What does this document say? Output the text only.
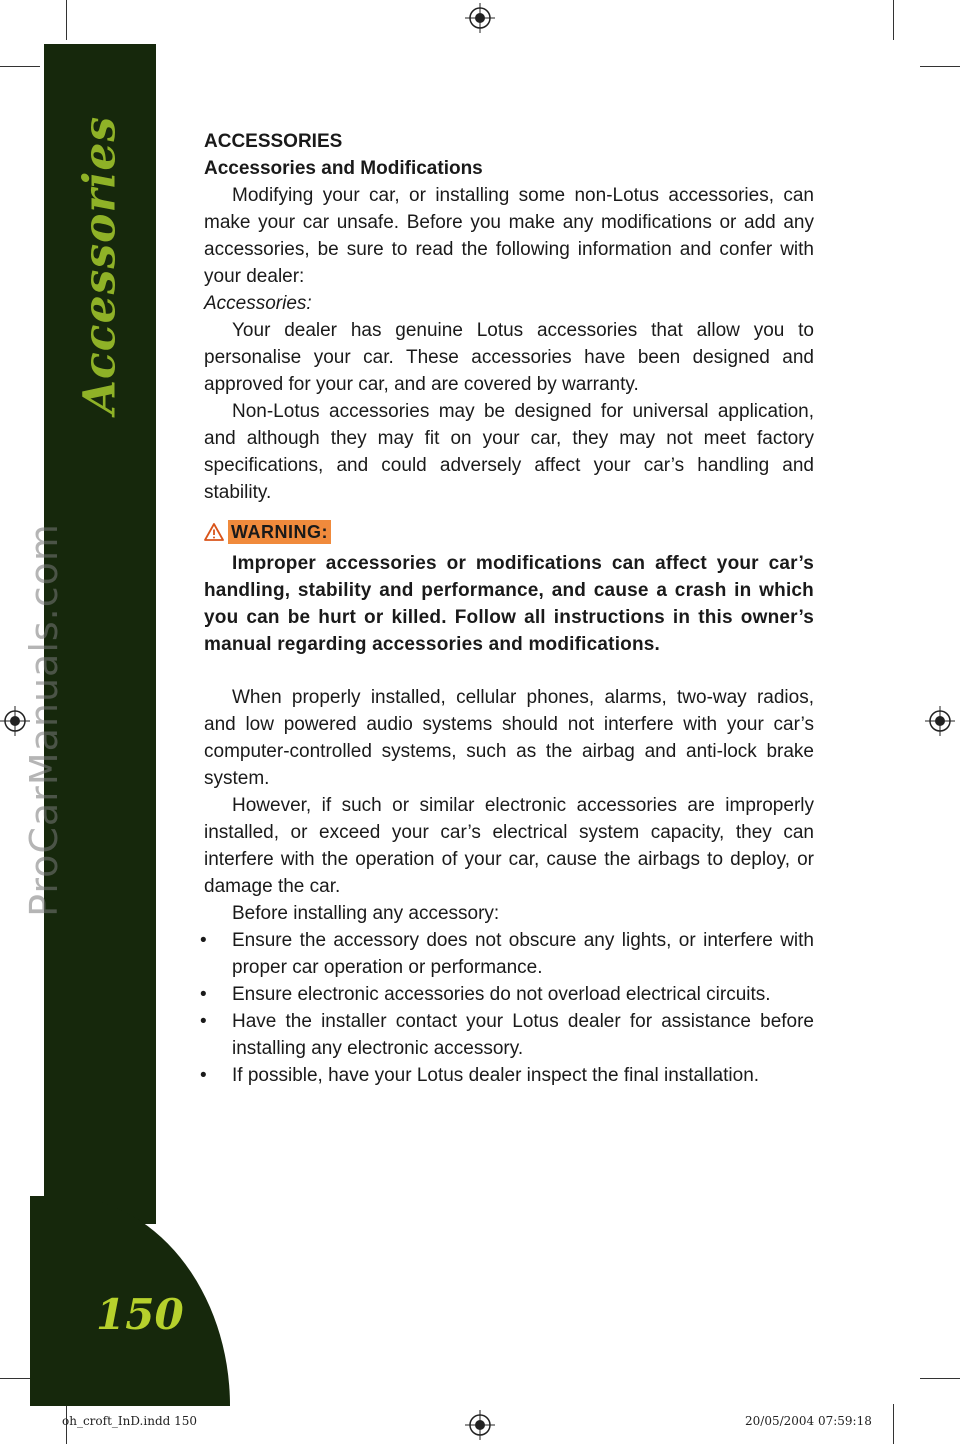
Accessories
150
ProCarManuals.com

ACCESSORIES

Accessories and Modifications

Modifying your car, or installing some non-Lotus accessories, can make your car unsafe. Before you make any modifications or add any accessories, be sure to read the following information and confer with your dealer:

Accessories:

Your dealer has genuine Lotus accessories that allow you to personalise your car. These accessories have been designed and approved for your car, and are covered by warranty.

Non-Lotus accessories may be designed for universal application, and although they may fit on your car, they may not meet factory specifications, and could adversely affect your car’s handling and stability.

WARNING:

Improper accessories or modifications can affect your car’s handling, stability and performance, and cause a crash in which you can be hurt or killed. Follow all instructions in this owner’s manual regarding accessories and modifications.

When properly installed, cellular phones, alarms, two-way radios, and low powered audio systems should not interfere with your car’s computer-controlled systems, such as the airbag and anti-lock brake system.

However, if such or similar electronic accessories are improperly installed, or exceed your car’s electrical system capacity, they can interfere with the operation of your car, cause the airbags to deploy, or damage the car.

Before installing any accessory:

• Ensure the accessory does not obscure any lights, or interfere with proper car operation or performance.
• Ensure electronic accessories do not overload electrical circuits.
• Have the installer contact your Lotus dealer for assistance before installing any electronic accessory.
• If possible, have your Lotus dealer inspect the final installation.
oh_croft_InD.indd 150	20/05/2004 07:59:18
